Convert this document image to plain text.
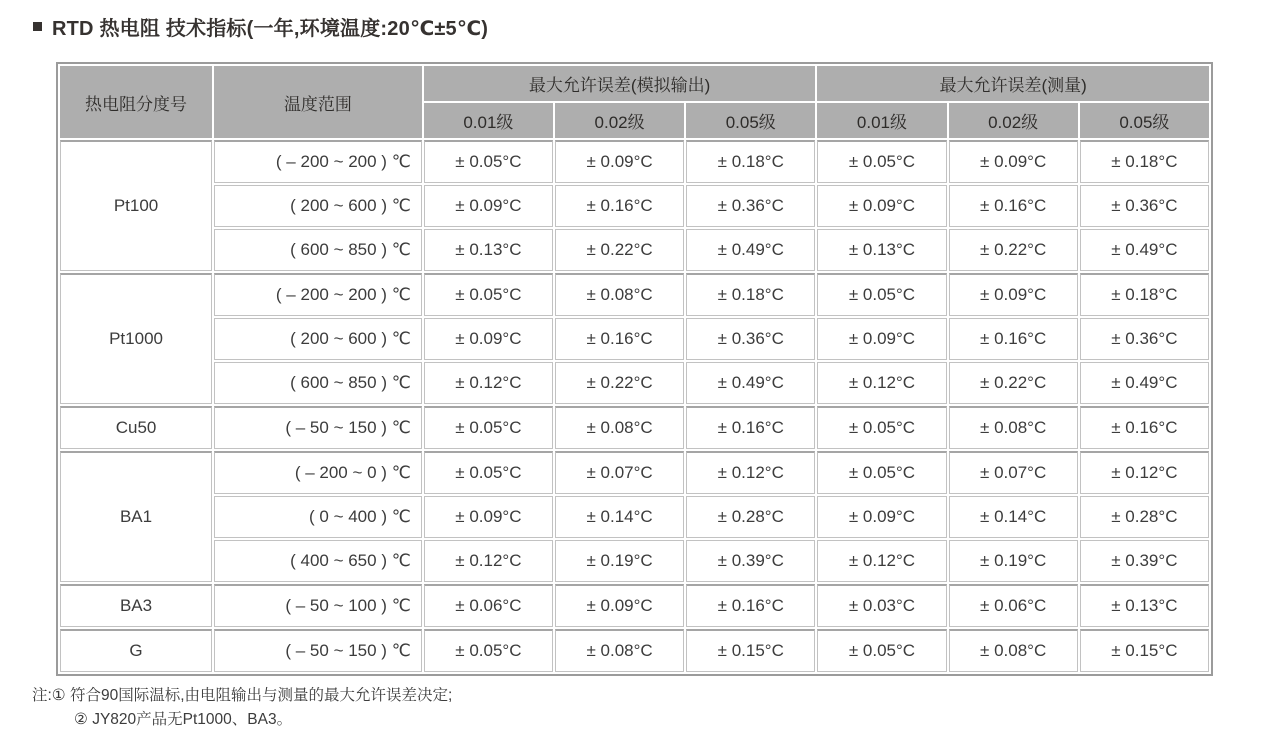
RTD 热电阻 技术指标(一年,环境温度:20℃±5℃)
热电阻分度号	温度范围	最大允许误差(模拟输出)			最大允许误差(测量)		
		0.01级	0.02级	0.05级	0.01级	0.02级	0.05级
Pt100	( – 200 ~ 200 ) ℃	± 0.05°C	± 0.09°C	± 0.18°C	± 0.05°C	± 0.09°C	± 0.18°C
	( 200 ~ 600 ) ℃	± 0.09°C	± 0.16°C	± 0.36°C	± 0.09°C	± 0.16°C	± 0.36°C
	( 600 ~ 850 ) ℃	± 0.13°C	± 0.22°C	± 0.49°C	± 0.13°C	± 0.22°C	± 0.49°C
Pt1000	( – 200 ~ 200 ) ℃	± 0.05°C	± 0.08°C	± 0.18°C	± 0.05°C	± 0.09°C	± 0.18°C
	( 200 ~ 600 ) ℃	± 0.09°C	± 0.16°C	± 0.36°C	± 0.09°C	± 0.16°C	± 0.36°C
	( 600 ~ 850 ) ℃	± 0.12°C	± 0.22°C	± 0.49°C	± 0.12°C	± 0.22°C	± 0.49°C
Cu50	( – 50 ~ 150 ) ℃	± 0.05°C	± 0.08°C	± 0.16°C	± 0.05°C	± 0.08°C	± 0.16°C
BA1	( – 200 ~ 0 ) ℃	± 0.05°C	± 0.07°C	± 0.12°C	± 0.05°C	± 0.07°C	± 0.12°C
	( 0 ~ 400 ) ℃	± 0.09°C	± 0.14°C	± 0.28°C	± 0.09°C	± 0.14°C	± 0.28°C
	( 400 ~ 650 ) ℃	± 0.12°C	± 0.19°C	± 0.39°C	± 0.12°C	± 0.19°C	± 0.39°C
BA3	( – 50 ~ 100 ) ℃	± 0.06°C	± 0.09°C	± 0.16°C	± 0.03°C	± 0.06°C	± 0.13°C
G	( – 50 ~ 150 ) ℃	± 0.05°C	± 0.08°C	± 0.15°C	± 0.05°C	± 0.08°C	± 0.15°C
注:① 符合90国际温标,由电阻输出与测量的最大允许误差决定;
② JY820产品无Pt1000、BA3。
